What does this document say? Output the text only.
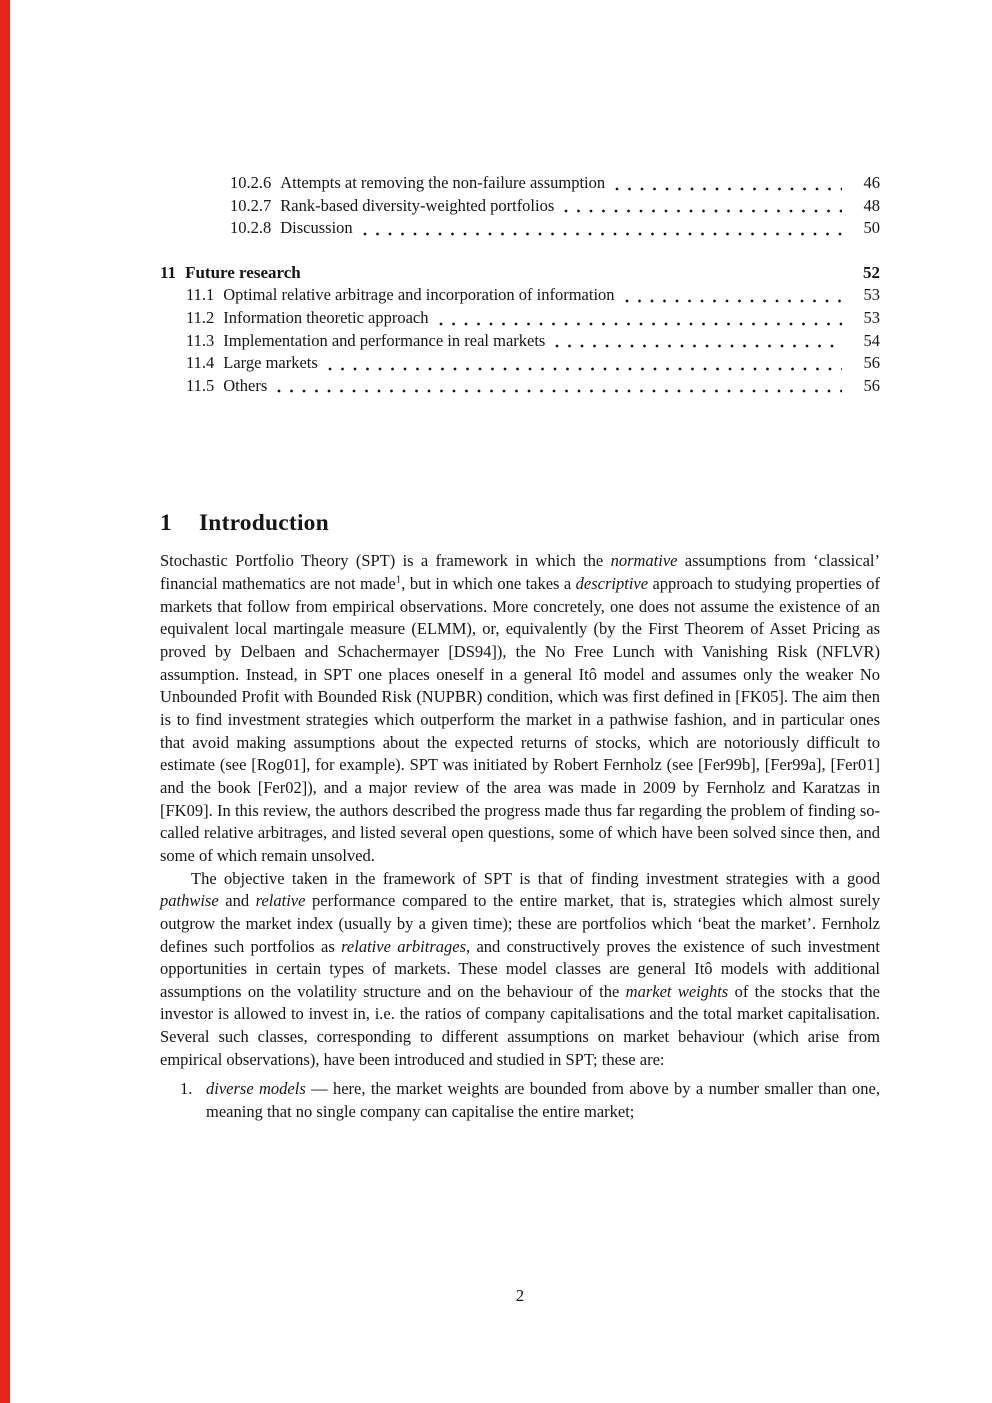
10.2.6 Attempts at removing the non-failure assumption	46
10.2.7 Rank-based diversity-weighted portfolios	48
10.2.8 Discussion	50
11 Future research	52
11.1 Optimal relative arbitrage and incorporation of information	53
11.2 Information theoretic approach	53
11.3 Implementation and performance in real markets	54
11.4 Large markets	56
11.5 Others	56
1 Introduction

Stochastic Portfolio Theory (SPT) is a framework in which the normative assumptions from ‘classical’ financial mathematics are not made$^1$, but in which one takes a descriptive approach to studying properties of markets that follow from empirical observations. More concretely, one does not assume the existence of an equivalent local martingale measure (ELMM), or, equivalently (by the First Theorem of Asset Pricing as proved by Delbaen and Schachermayer [DS94]), the No Free Lunch with Vanishing Risk (NFLVR) assumption. Instead, in SPT one places oneself in a general Itô model and assumes only the weaker No Unbounded Profit with Bounded Risk (NUPBR) condition, which was first defined in [FK05]. The aim then is to find investment strategies which outperform the market in a pathwise fashion, and in particular ones that avoid making assumptions about the expected returns of stocks, which are notoriously difficult to estimate (see [Rog01], for example). SPT was initiated by Robert Fernholz (see [Fer99b], [Fer99a], [Fer01] and the book [Fer02]), and a major review of the area was made in 2009 by Fernholz and Karatzas in [FK09]. In this review, the authors described the progress made thus far regarding the problem of finding so-called relative arbitrages, and listed several open questions, some of which have been solved since then, and some of which remain unsolved.

The objective taken in the framework of SPT is that of finding investment strategies with a good pathwise and relative performance compared to the entire market, that is, strategies which almost surely outgrow the market index (usually by a given time); these are portfolios which ‘beat the market’. Fernholz defines such portfolios as relative arbitrages, and constructively proves the existence of such investment opportunities in certain types of markets. These model classes are general Itô models with additional assumptions on the volatility structure and on the behaviour of the market weights of the stocks that the investor is allowed to invest in, i.e. the ratios of company capitalisations and the total market capitalisation. Several such classes, corresponding to different assumptions on market behaviour (which arise from empirical observations), have been introduced and studied in SPT; these are:

1. diverse models — here, the market weights are bounded from above by a number smaller than one, meaning that no single company can capitalise the entire market;
2
